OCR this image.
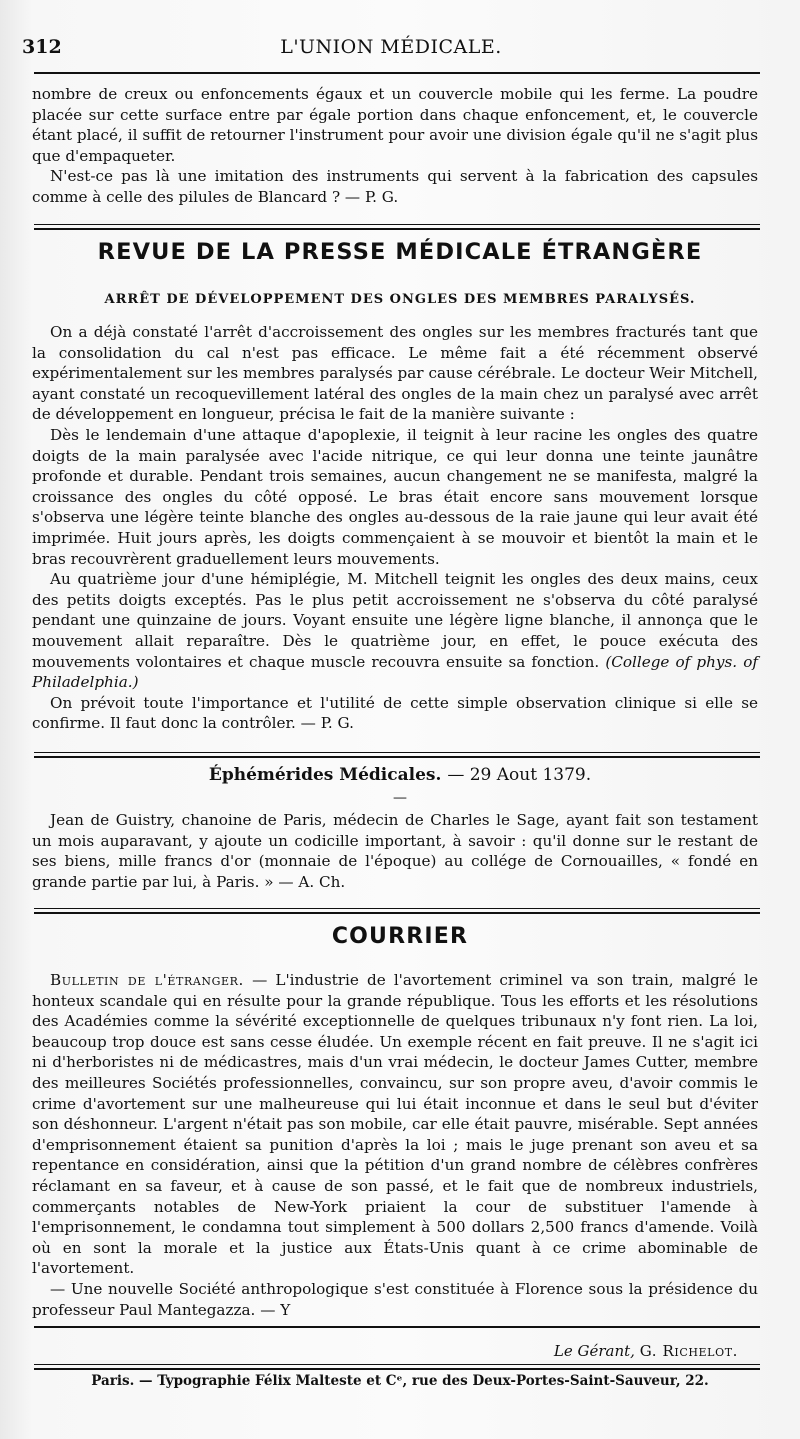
312	L'UNION MÉDICALE.

nombre de creux ou enfoncements égaux et un couvercle mobile qui les ferme. La poudre placée sur cette surface entre par égale portion dans chaque enfoncement, et, le couvercle étant placé, il suffit de retourner l'instrument pour avoir une division égale qu'il ne s'agit plus que d'empaqueter.

N'est-ce pas là une imitation des instruments qui servent à la fabrication des capsules comme à celle des pilules de Blancard ? — P. G.

REVUE DE LA PRESSE MÉDICALE ÉTRANGÈRE
ARRÊT DE DÉVELOPPEMENT DES ONGLES DES MEMBRES PARALYSÉS.

On a déjà constaté l'arrêt d'accroissement des ongles sur les membres fracturés tant que la consolidation du cal n'est pas efficace. Le même fait a été récemment observé expérimentalement sur les membres paralysés par cause cérébrale. Le docteur Weir Mitchell, ayant constaté un recoquevillement latéral des ongles de la main chez un paralysé avec arrêt de développement en longueur, précisa le fait de la manière suivante :

Dès le lendemain d'une attaque d'apoplexie, il teignit à leur racine les ongles des quatre doigts de la main paralysée avec l'acide nitrique, ce qui leur donna une teinte jaunâtre profonde et durable. Pendant trois semaines, aucun changement ne se manifesta, malgré la croissance des ongles du côté opposé. Le bras était encore sans mouvement lorsque s'observa une légère teinte blanche des ongles au-dessous de la raie jaune qui leur avait été imprimée. Huit jours après, les doigts commençaient à se mouvoir et bientôt la main et le bras recouvrèrent graduellement leurs mouvements.

Au quatrième jour d'une hémiplégie, M. Mitchell teignit les ongles des deux mains, ceux des petits doigts exceptés. Pas le plus petit accroissement ne s'observa du côté paralysé pendant une quinzaine de jours. Voyant ensuite une légère ligne blanche, il annonça que le mouvement allait reparaître. Dès le quatrième jour, en effet, le pouce exécuta des mouvements volontaires et chaque muscle recouvra ensuite sa fonction. (College of phys. of Philadelphia.)

On prévoit toute l'importance et l'utilité de cette simple observation clinique si elle se confirme. Il faut donc la contrôler. — P. G.

Éphémérides Médicales. — 29 Aout 1379.
—

Jean de Guistry, chanoine de Paris, médecin de Charles le Sage, ayant fait son testament un mois auparavant, y ajoute un codicille important, à savoir : qu'il donne sur le restant de ses biens, mille francs d'or (monnaie de l'époque) au collége de Cornouailles, « fondé en grande partie par lui, à Paris. » — A. Ch.

COURRIER

Bulletin de l'étranger. — L'industrie de l'avortement criminel va son train, malgré le honteux scandale qui en résulte pour la grande république. Tous les efforts et les résolutions des Académies comme la sévérité exceptionnelle de quelques tribunaux n'y font rien. La loi, beaucoup trop douce est sans cesse éludée. Un exemple récent en fait preuve. Il ne s'agit ici ni d'herboristes ni de médicastres, mais d'un vrai médecin, le docteur James Cutter, membre des meilleures Sociétés professionnelles, convaincu, sur son propre aveu, d'avoir commis le crime d'avortement sur une malheureuse qui lui était inconnue et dans le seul but d'éviter son déshonneur. L'argent n'était pas son mobile, car elle était pauvre, misérable. Sept années d'emprisonnement étaient sa punition d'après la loi ; mais le juge prenant son aveu et sa repentance en considération, ainsi que la pétition d'un grand nombre de célèbres confrères réclamant en sa faveur, et à cause de son passé, et le fait que de nombreux industriels, commerçants notables de New-York priaient la cour de substituer l'amende à l'emprisonnement, le condamna tout simplement à 500 dollars 2,500 francs d'amende. Voilà où en sont la morale et la justice aux États-Unis quant à ce crime abominable de l'avortement.

— Une nouvelle Société anthropologique s'est constituée à Florence sous la présidence du professeur Paul Mantegazza. — Y

Le Gérant, G. Richelot.
Paris. — Typographie Félix Malteste et Cᵉ, rue des Deux-Portes-Saint-Sauveur, 22.
